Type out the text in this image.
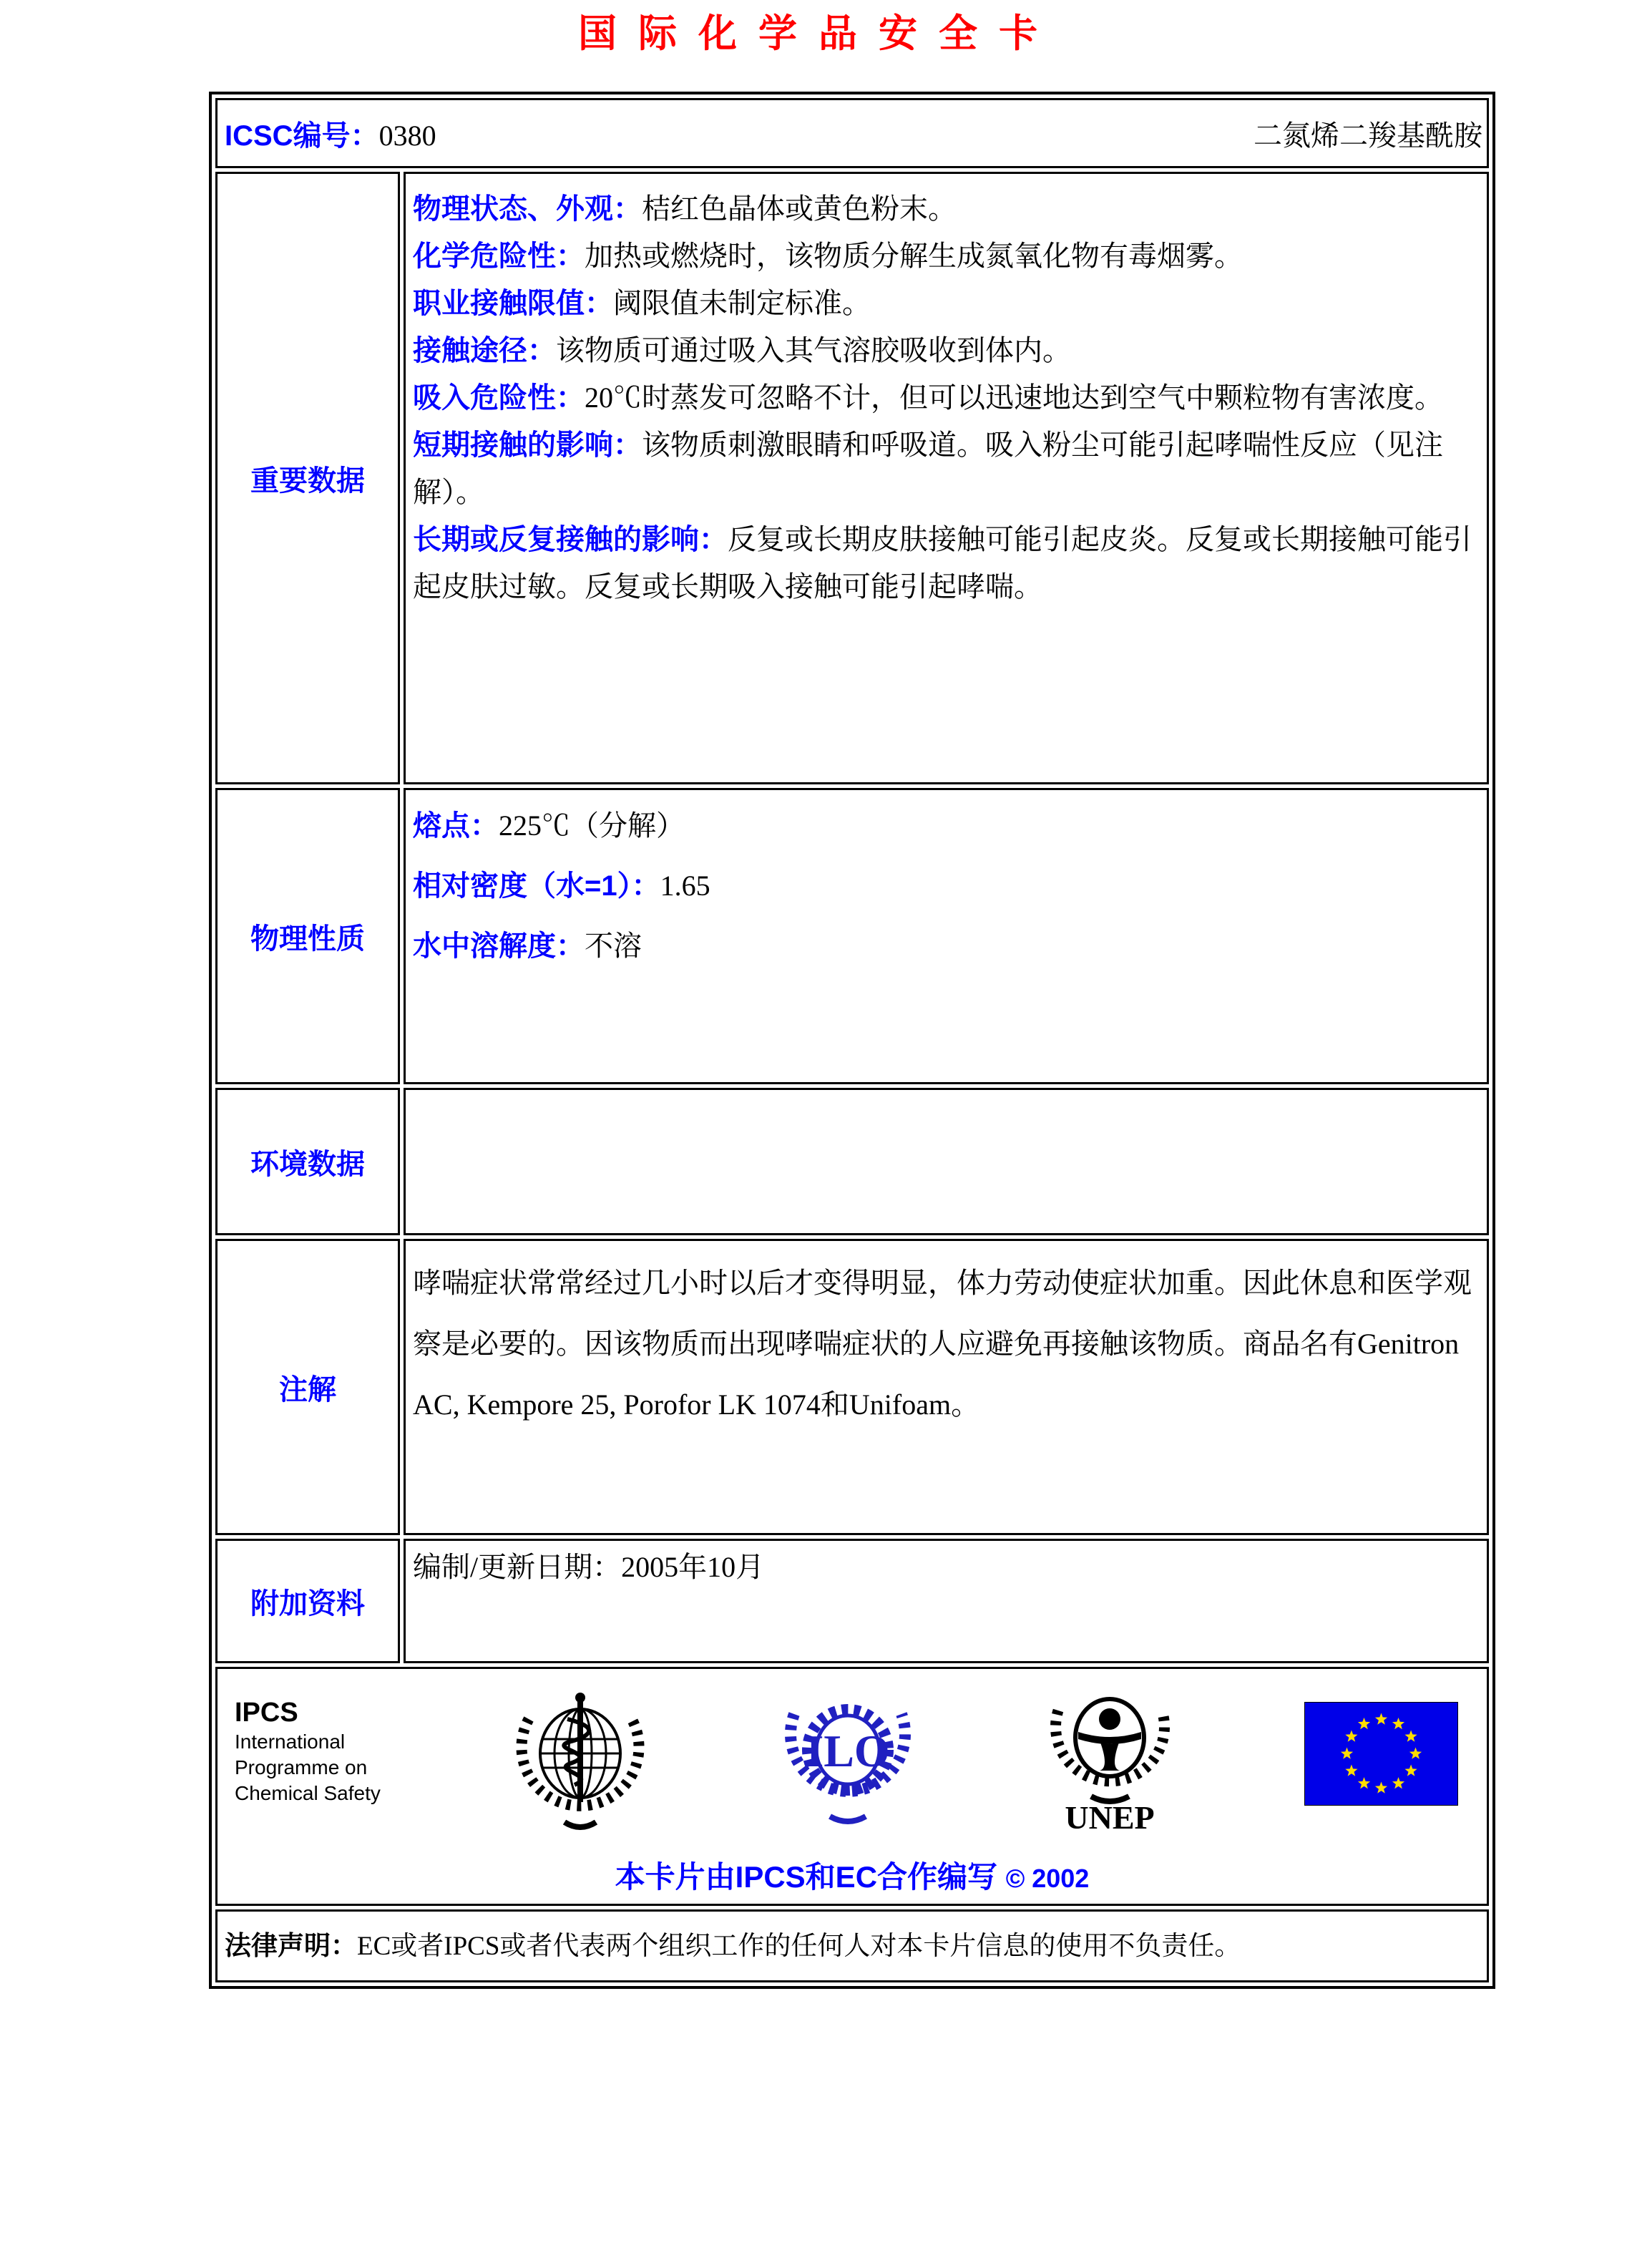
国际化学品安全卡
ICSC编号：0380 二氮烯二羧基酰胺	

重要数据	
物理状态、外观：桔红色晶体或黄色粉末。
化学危险性：加热或燃烧时，该物质分解生成氮氧化物有毒烟雾。
职业接触限值：阈限值未制定标准。
接触途径：该物质可通过吸入其气溶胶吸收到体内。
吸入危险性：20℃时蒸发可忽略不计，但可以迅速地达到空气中颗粒物有害浓度。
短期接触的影响：该物质刺激眼睛和呼吸道。吸入粉尘可能引起哮喘性反应（见注解）。
长期或反复接触的影响：反复或长期皮肤接触可能引起皮炎。反复或长期接触可能引起皮肤过敏。反复或长期吸入接触可能引起哮喘。

物理性质	熔点：225℃（分解）
相对密度（水=1）：1.65
水中溶解度：不溶

环境数据	
注解	哮喘症状常常经过几小时以后才变得明显，体力劳动使症状加重。因此休息和医学观察是必要的。因该物质而出现哮喘症状的人应避免再接触该物质。商品名有Genitron AC, Kempore 25, Porofor LK 1074和Unifoam。

附加资料	编制/更新日期：2005年10月

IPCS
International
Programme on
Chemical Safety
ILO
UNEP
本卡片由IPCS和EC合作编写 © 2002

法律声明：EC或者IPCS或者代表两个组织工作的任何人对本卡片信息的使用不负责任。	
